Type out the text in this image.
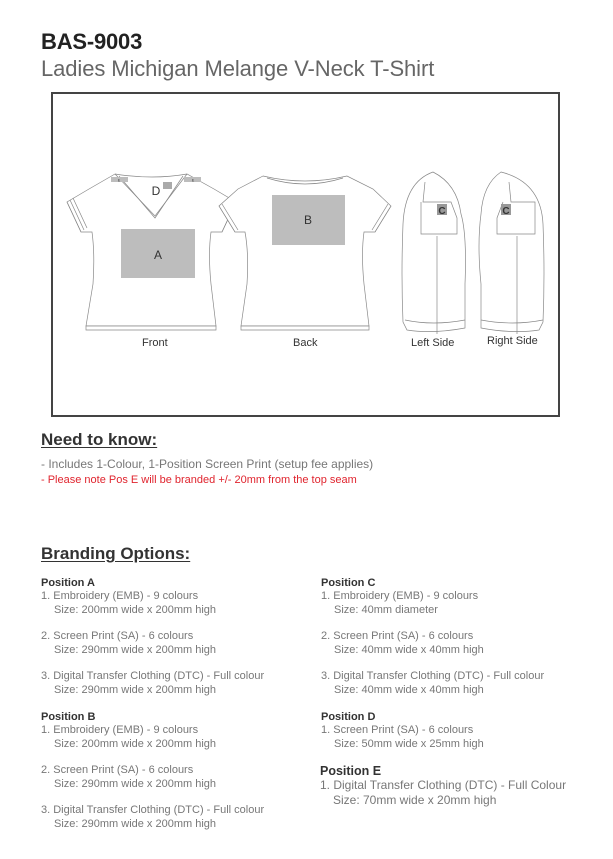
BAS-9003
Ladies Michigan Melange V-Neck T-Shirt
A
B
D
C	C
E	E
Front	Back	Left Side	Right Side
Need to know:
- Includes 1-Colour, 1-Position Screen Print (setup fee applies)
- Please note Pos E will be branded +/- 20mm from the top seam
Branding Options:
Position A
1. Embroidery (EMB) - 9 colours
Size: 200mm wide x 200mm high
2. Screen Print (SA) - 6 colours
Size: 290mm wide x 200mm high
3. Digital Transfer Clothing (DTC) - Full colour
Size: 290mm wide x 200mm high
Position B
1. Embroidery (EMB) - 9 colours
Size: 200mm wide x 200mm high
2. Screen Print (SA) - 6 colours
Size: 290mm wide x 200mm high
3. Digital Transfer Clothing (DTC) - Full colour
Size: 290mm wide x 200mm high
Position C
1. Embroidery (EMB) - 9 colours
Size: 40mm diameter
2. Screen Print (SA) - 6 colours
Size: 40mm wide x 40mm high
3. Digital Transfer Clothing (DTC) - Full colour
Size: 40mm wide x 40mm high
Position D
1. Screen Print (SA) - 6 colours
Size: 50mm wide x 25mm high
Position E
1. Digital Transfer Clothing (DTC) - Full Colour
Size: 70mm wide x 20mm high
